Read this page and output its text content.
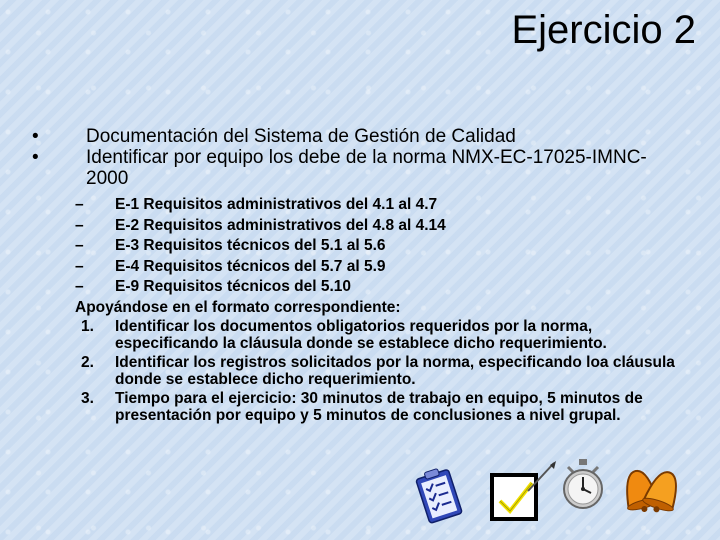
Ejercicio 2
•	Documentación del Sistema de Gestión de Calidad
•	Identificar por equipo los debe de la norma NMX-EC-17025-IMNC-2000
–	E-1 Requisitos administrativos del 4.1 al 4.7
–	E-2 Requisitos administrativos del 4.8 al 4.14
–	E-3 Requisitos técnicos del 5.1 al 5.6
–	E-4 Requisitos técnicos del 5.7 al 5.9
–	E-9 Requisitos técnicos del 5.10
Apoyándose en el formato correspondiente:
1.	Identificar los documentos obligatorios requeridos por la norma, especificando la cláusula donde se establece dicho requerimiento.
2.	Identificar los registros solicitados por la norma, especificando loa cláusula donde se establece dicho requerimiento.
3.	Tiempo para el ejercicio: 30 minutos de trabajo en equipo, 5 minutos de presentación por equipo y 5 minutos de conclusiones a nivel grupal.
